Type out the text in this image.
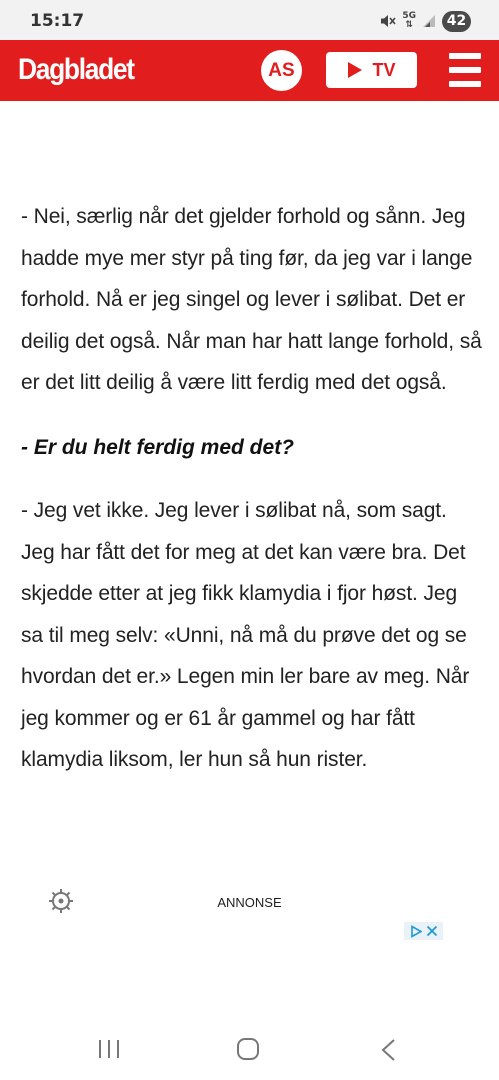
15:17	5G
⇅	42
Dagbladet	AS	TV

- Nei, særlig når det gjelder forhold og sånn. Jeg hadde mye mer styr på ting før, da jeg var i lange forhold. Nå er jeg singel og lever i sølibat. Det er deilig det også. Når man har hatt lange forhold, så er det litt deilig å være litt ferdig med det også.

- Er du helt ferdig med det?

- Jeg vet ikke. Jeg lever i sølibat nå, som sagt. Jeg har fått det for meg at det kan være bra. Det skjedde etter at jeg fikk klamydia i fjor høst. Jeg sa til meg selv: «Unni, nå må du prøve det og se hvordan det er.» Legen min ler bare av meg. Når jeg kommer og er 61 år gammel og har fått klamydia liksom, ler hun så hun rister.

ANNONSE
